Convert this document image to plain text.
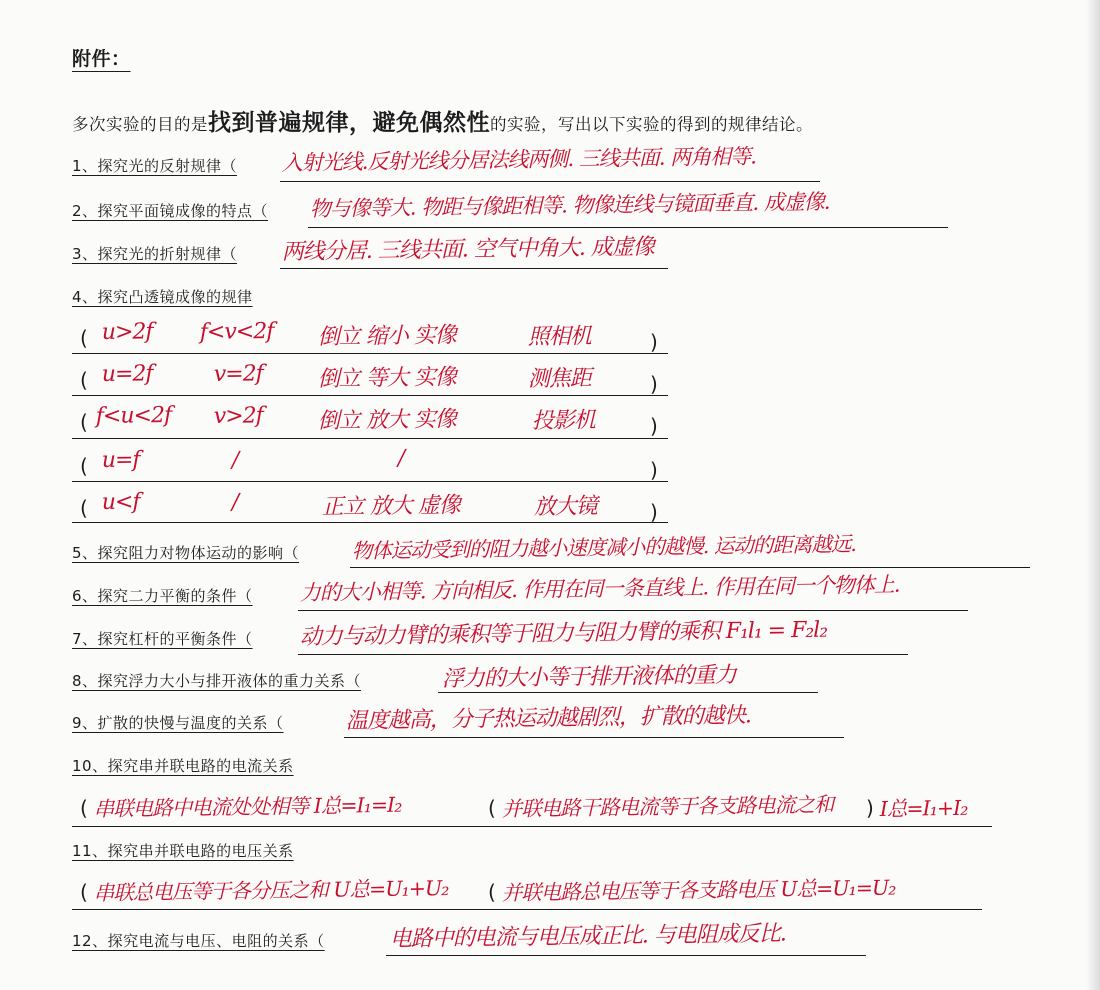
附件：
多次实验的目的是找到普遍规律，避免偶然性的实验，写出以下实验的得到的规律结论。
1、探究光的反射规律（ 入射光线.反射光线分居法线两侧. 三线共面. 两角相等.
2、探究平面镜成像的特点（ 物与像等大. 物距与像距相等. 物像连线与镜面垂直. 成虚像.
3、探究光的折射规律（ 两线分居. 三线共面. 空气中角大. 成虚像
4、探究凸透镜成像的规律
( u>2f f<v<2f 倒立 缩小 实像	照相机	)
( u=2f	v=2f 倒立 等大 实像	测焦距	)
( f<u<2f v>2f 倒立 放大 实像	投影机	)
( u=f	/	/	)
( u<f	/	正立 放大 虚像	放大镜	)
5、探究阻力对物体运动的影响（	物体运动受到的阻力越小速度减小的越慢. 运动的距离越远.
6、探究二力平衡的条件（ 力的大小相等. 方向相反. 作用在同一条直线上. 作用在同一个物体上.
7、探究杠杆的平衡条件（ 动力与动力臂的乘积等于阻力与阻力臂的乘积 F₁l₁ = F₂l₂
8、探究浮力大小与排开液体的重力关系（	浮力的大小等于排开液体的重力
9、扩散的快慢与温度的关系（	温度越高，分子热运动越剧烈，扩散的越快.
10、探究串并联电路的电流关系
( 串联电路中电流处处相等 I总=I₁=I₂	( 并联电路干路电流等于各支路电流之和 ) I总=I₁+I₂
11、探究串并联电路的电压关系
( 串联总电压等于各分压之和 U总=U₁+U₂ ( 并联电路总电压等于各支路电压 U总=U₁=U₂
12、探究电流与电压、电阻的关系（	电路中的电流与电压成正比. 与电阻成反比.
